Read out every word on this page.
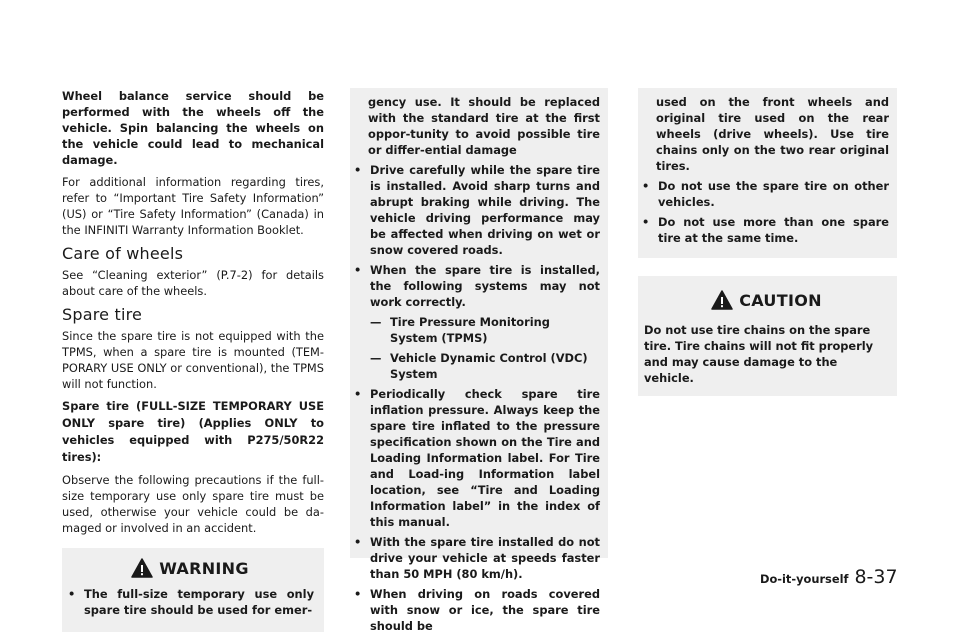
Wheel balance service should be performed with the wheels off the vehicle. Spin balancing the wheels on the vehicle could lead to mechanical damage.

For additional information regarding tires, refer to “Important Tire Safety Information” (US) or “Tire Safety Information” (Canada) in the INFINITI Warranty Information Booklet.

Care of wheels

See “Cleaning exterior” (P.7-2) for details about care of the wheels.

Spare tire

Since the spare tire is not equipped with the TPMS, when a spare tire is mounted (TEM-PORARY USE ONLY or conventional), the TPMS will not function.

Spare tire (FULL-SIZE TEMPORARY USE ONLY spare tire) (Applies ONLY to vehicles equipped with P275/50R22 tires):

Observe the following precautions if the full-size temporary use only spare tire must be used, otherwise your vehicle could be da-maged or involved in an accident.

WARNING
• The full-size temporary use only spare tire should be used for emer-
gency use. It should be replaced with the standard tire at the first oppor-tunity to avoid possible tire or differ-ential damage
• Drive carefully while the spare tire is installed. Avoid sharp turns and abrupt braking while driving. The vehicle driving performance may be affected when driving on wet or snow covered roads.
• When the spare tire is installed, the following systems may not work correctly.
— Tire Pressure Monitoring System (TPMS)
— Vehicle Dynamic Control (VDC) System
• Periodically check spare tire inflation pressure. Always keep the spare tire inflated to the pressure specification shown on the Tire and Loading Information label. For Tire and Load-ing Information label location, see “Tire and Loading Information label” in the index of this manual.
• With the spare tire installed do not drive your vehicle at speeds faster than 50 MPH (80 km/h).
• When driving on roads covered with snow or ice, the spare tire should be
used on the front wheels and original tire used on the rear wheels (drive wheels). Use tire chains only on the two rear original tires.
• Do not use the spare tire on other vehicles.
• Do not use more than one spare tire at the same time.
CAUTION

Do not use tire chains on the spare tire. Tire chains will not fit properly and may cause damage to the vehicle.

Do-it-yourself 8-37
